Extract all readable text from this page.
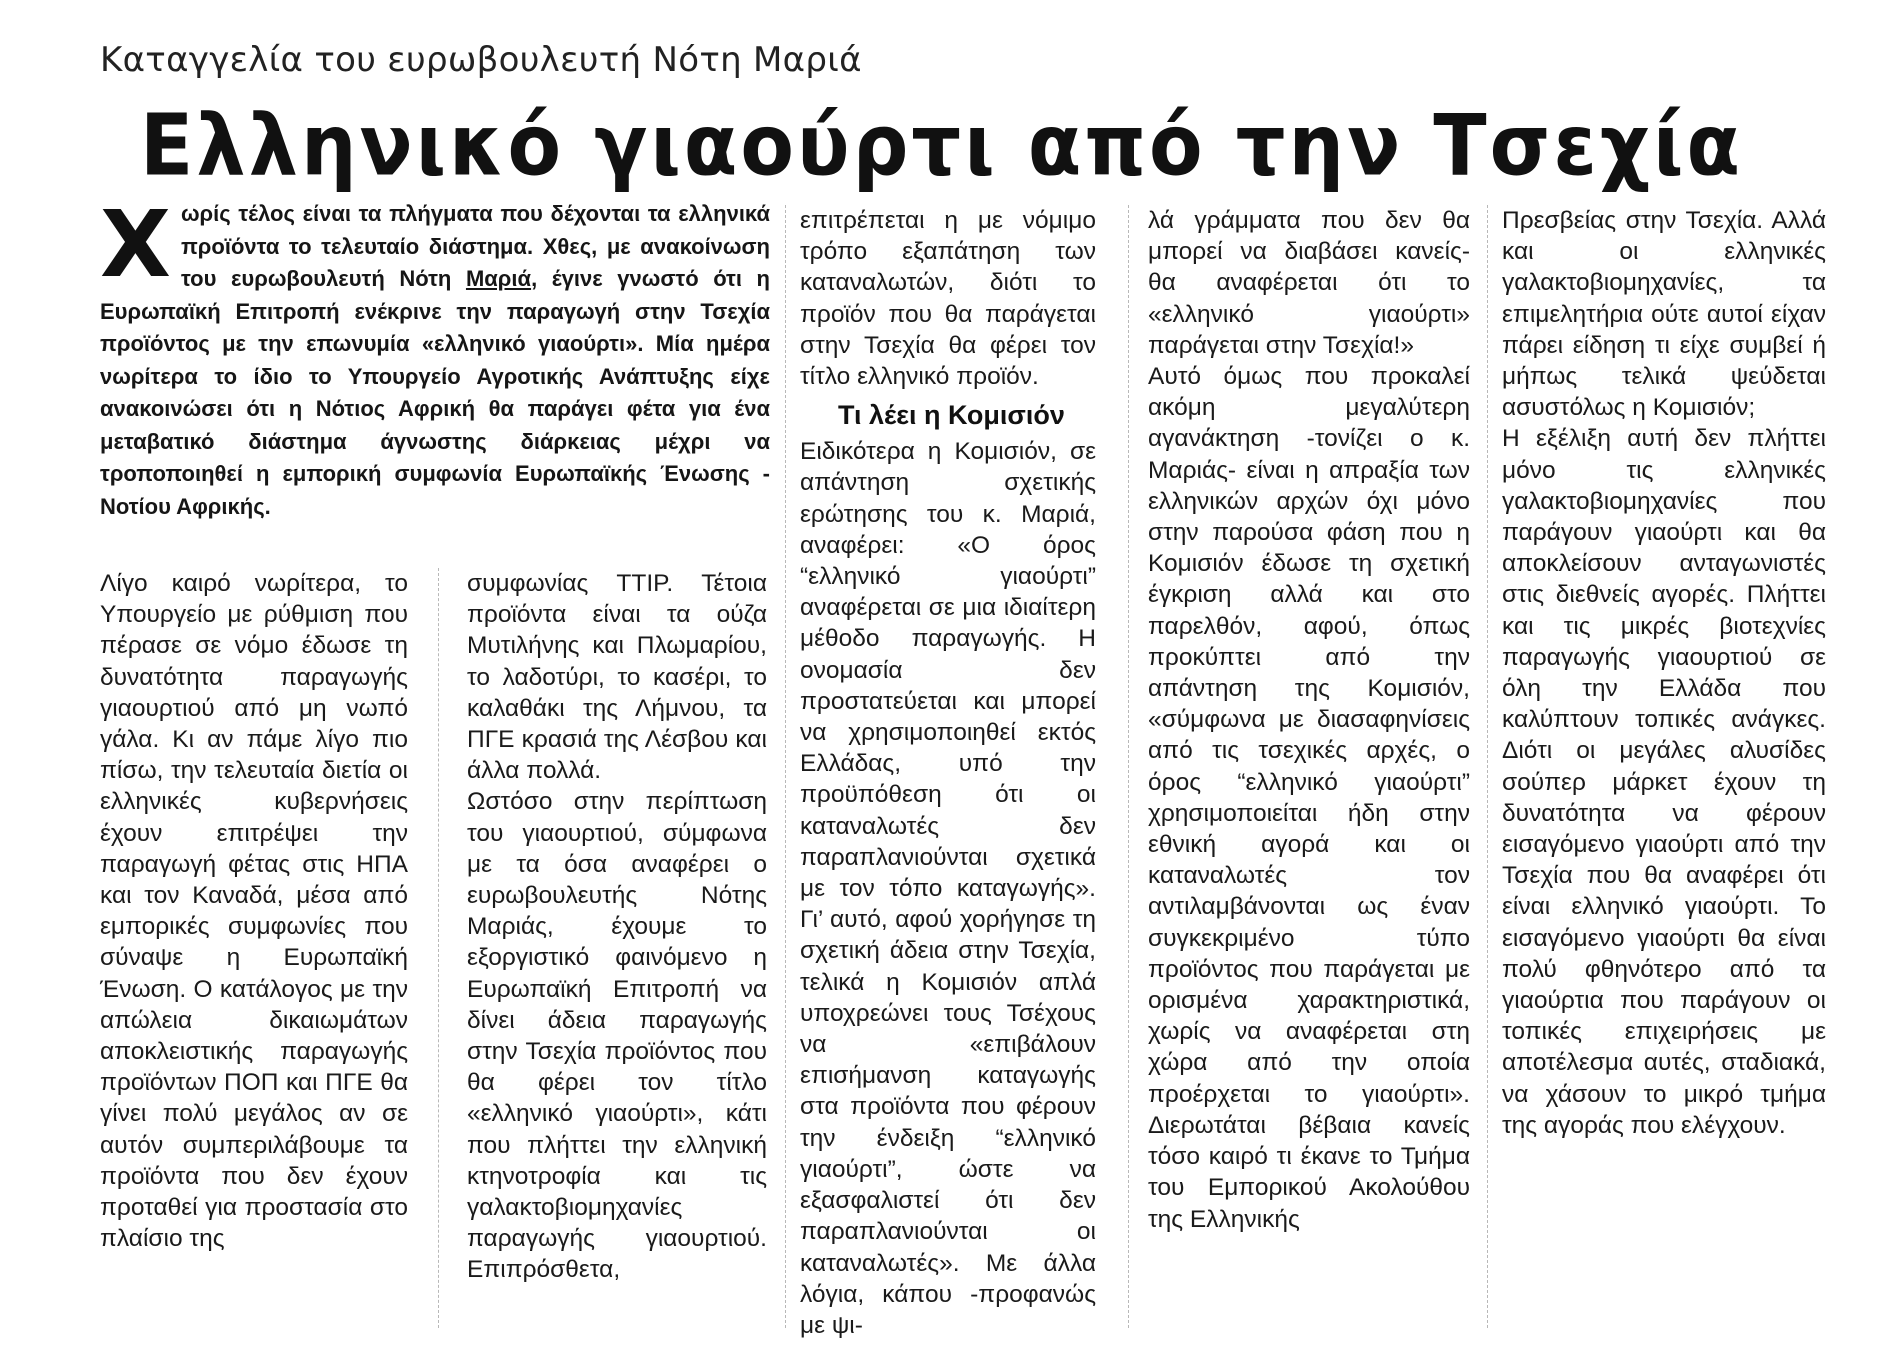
Καταγγελία του ευρωβουλευτή Νότη Μαριά
Ελληνικό γιαούρτι από την Τσεχία

Χωρίς τέλος είναι τα πλήγματα που δέχονται τα ελληνικά προϊόντα το τελευταίο διάστημα. Χθες, με ανακοίνωση του ευρωβουλευτή Νότη Μαριά, έγινε γνωστό ότι η Ευρωπαϊκή Επιτροπή ενέκρινε την παραγωγή στην Τσεχία προϊόντος με την επωνυμία «ελληνικό γιαούρτι». Μία ημέρα νωρίτερα το ίδιο το Υπουργείο Αγροτικής Ανάπτυξης είχε ανακοινώσει ότι η Νότιος Αφρική θα παράγει φέτα για ένα μεταβατικό διάστημα άγνωστης διάρκειας μέχρι να τροποποιηθεί η εμπορική συμφωνία Ευρωπαϊκής Ένωσης - Νοτίου Αφρικής.

Λίγο καιρό νωρίτερα, το Υπουργείο με ρύθμιση που πέρασε σε νόμο έδωσε τη δυνατότητα παραγωγής γιαουρτιού από μη νωπό γάλα. Κι αν πάμε λίγο πιο πίσω, την τελευταία διετία οι ελληνικές κυβερνήσεις έχουν επιτρέψει την παραγωγή φέτας στις ΗΠΑ και τον Καναδά, μέσα από εμπορικές συμφωνίες που σύναψε η Ευρωπαϊκή Ένωση. Ο κατάλογος με την απώλεια δικαιωμάτων αποκλειστικής παραγωγής προϊόντων ΠΟΠ και ΠΓΕ θα γίνει πολύ μεγάλος αν σε αυτόν συμπεριλάβουμε τα προϊόντα που δεν έχουν προταθεί για προστασία στο πλαίσιο της

συμφωνίας TTIP. Τέτοια προϊόντα είναι τα ούζα Μυτιλήνης και Πλωμαρίου, το λαδοτύρι, το κασέρι, το καλαθάκι της Λήμνου, τα ΠΓΕ κρασιά της Λέσβου και άλλα πολλά.

Ωστόσο στην περίπτωση του γιαουρτιού, σύμφωνα με τα όσα αναφέρει ο ευρωβουλευτής Νότης Μαριάς, έχουμε το εξοργιστικό φαινόμενο η Ευρωπαϊκή Επιτροπή να δίνει άδεια παραγωγής στην Τσεχία προϊόντος που θα φέρει τον τίτλο «ελληνικό γιαούρτι», κάτι που πλήττει την ελληνική κτηνοτροφία και τις γαλακτοβιομηχανίες παραγωγής γιαουρτιού. Επιπρόσθετα,

επιτρέπεται η με νόμιμο τρόπο εξαπάτηση των καταναλωτών, διότι το προϊόν που θα παράγεται στην Τσεχία θα φέρει τον τίτλο ελληνικό προϊόν.

Τι λέει η Κομισιόν

Ειδικότερα η Κομισιόν, σε απάντηση σχετικής ερώτησης του κ. Μαριά, αναφέρει: «Ο όρος “ελληνικό γιαούρτι” αναφέρεται σε μια ιδιαίτερη μέθοδο παραγωγής. Η ονομασία δεν προστατεύεται και μπορεί να χρησιμοποιηθεί εκτός Ελλάδας, υπό την προϋπόθεση ότι οι καταναλωτές δεν παραπλανιούνται σχετικά με τον τόπο καταγωγής». Γι’ αυτό, αφού χορήγησε τη σχετική άδεια στην Τσεχία, τελικά η Κομισιόν απλά υποχρεώνει τους Τσέχους να «επιβάλουν επισήμανση καταγωγής στα προϊόντα που φέρουν την ένδειξη “ελληνικό γιαούρτι”, ώστε να εξασφαλιστεί ότι δεν παραπλανιούνται οι καταναλωτές». Με άλλα λόγια, κάπου -προφανώς με ψι-

λά γράμματα που δεν θα μπορεί να διαβάσει κανείς- θα αναφέρεται ότι το «ελληνικό γιαούρτι» παράγεται στην Τσεχία!»

Αυτό όμως που προκαλεί ακόμη μεγαλύτερη αγανάκτηση -τονίζει ο κ. Μαριάς- είναι η απραξία των ελληνικών αρχών όχι μόνο στην παρούσα φάση που η Κομισιόν έδωσε τη σχετική έγκριση αλλά και στο παρελθόν, αφού, όπως προκύπτει από την απάντηση της Κομισιόν, «σύμφωνα με διασαφηνίσεις από τις τσεχικές αρχές, ο όρος “ελληνικό γιαούρτι” χρησιμοποιείται ήδη στην εθνική αγορά και οι καταναλωτές τον αντιλαμβάνονται ως έναν συγκεκριμένο τύπο προϊόντος που παράγεται με ορισμένα χαρακτηριστικά, χωρίς να αναφέρεται στη χώρα από την οποία προέρχεται το γιαούρτι». Διερωτάται βέβαια κανείς τόσο καιρό τι έκανε το Τμήμα του Εμπορικού Ακολούθου της Ελληνικής

Πρεσβείας στην Τσεχία. Αλλά και οι ελληνικές γαλακτοβιομηχανίες, τα επιμελητήρια ούτε αυτοί είχαν πάρει είδηση τι είχε συμβεί ή μήπως τελικά ψεύδεται ασυστόλως η Κομισιόν;

Η εξέλιξη αυτή δεν πλήττει μόνο τις ελληνικές γαλακτοβιομηχανίες που παράγουν γιαούρτι και θα αποκλείσουν ανταγωνιστές στις διεθνείς αγορές. Πλήττει και τις μικρές βιοτεχνίες παραγωγής γιαουρτιού σε όλη την Ελλάδα που καλύπτουν τοπικές ανάγκες. Διότι οι μεγάλες αλυσίδες σούπερ μάρκετ έχουν τη δυνατότητα να φέρουν εισαγόμενο γιαούρτι από την Τσεχία που θα αναφέρει ότι είναι ελληνικό γιαούρτι. Το εισαγόμενο γιαούρτι θα είναι πολύ φθηνότερο από τα γιαούρτια που παράγουν οι τοπικές επιχειρήσεις με αποτέλεσμα αυτές, σταδιακά, να χάσουν το μικρό τμήμα της αγοράς που ελέγχουν.
